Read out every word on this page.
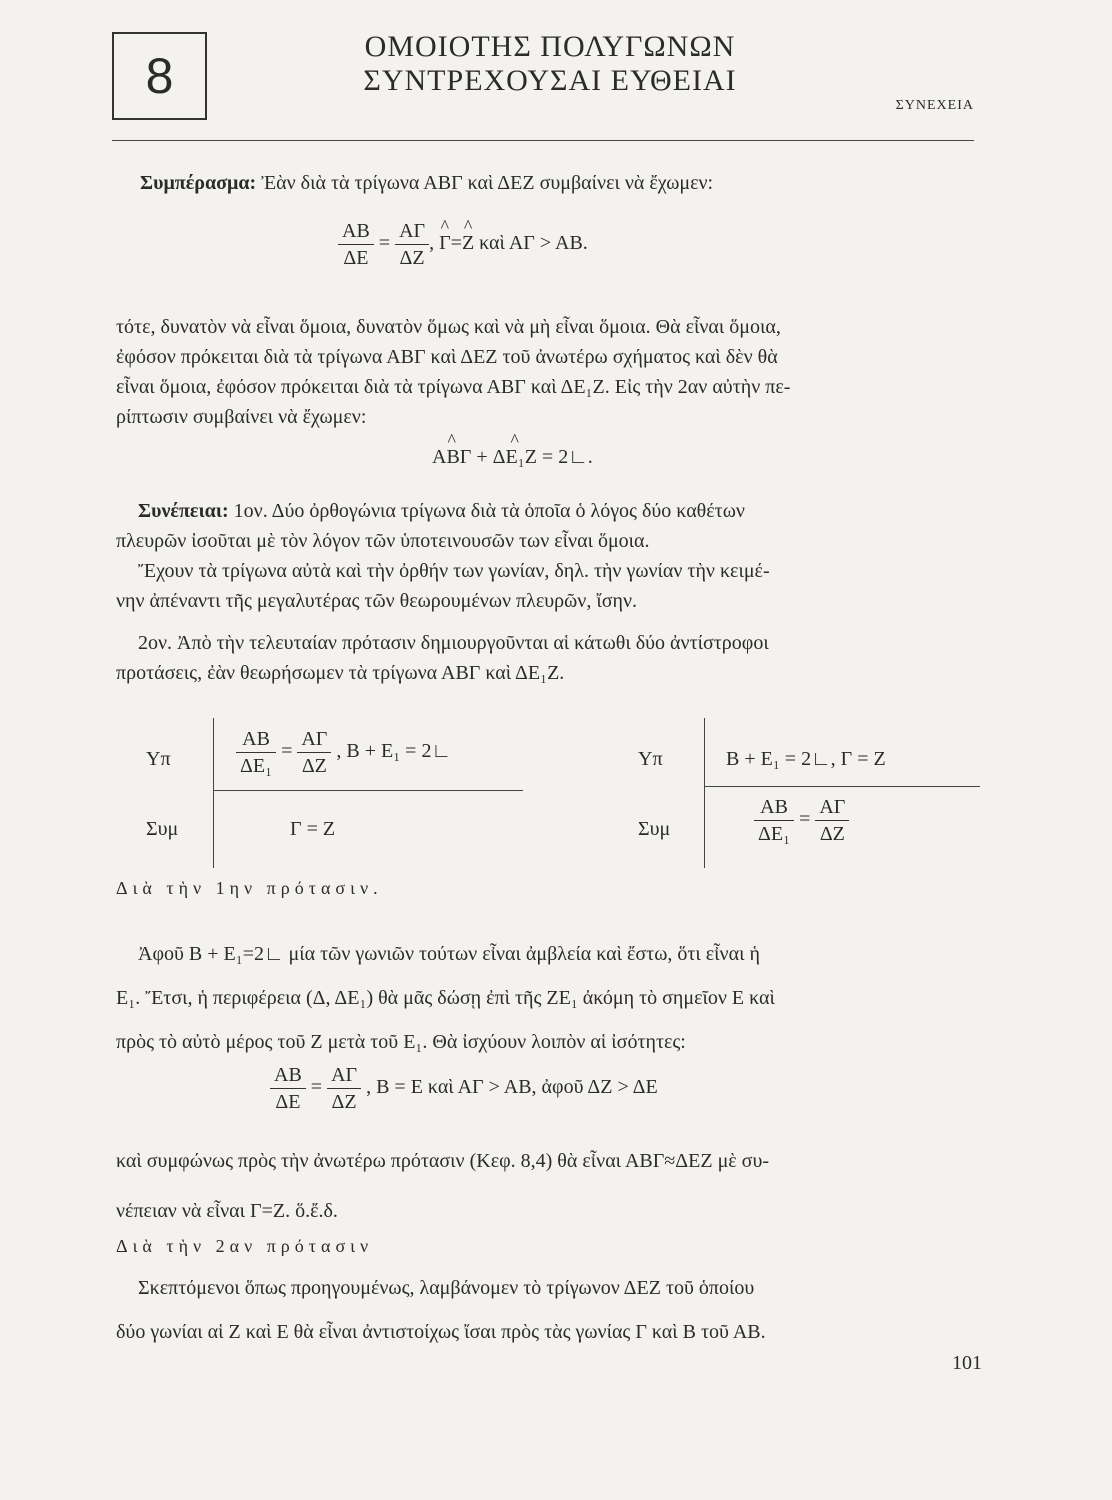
8
ΟΜΟΙΟΤΗΣ ΠΟΛΥΓΩΝΩΝ
ΣΥΝΤΡΕΧΟΥΣΑΙ ΕΥΘΕΙΑΙ
ΣΥΝΕΧΕΙΑ
Συμπέρασμα: Ἐὰν διὰ τὰ τρίγωνα ΑΒΓ καὶ ΔΕΖ συμβαίνει νὰ ἔχωμεν:
$\frac{AB}{\Delta E} = \frac{A\Gamma}{\Delta Z}$ , ^ Γ=^ Ζ καὶ ΑΓ > ΑΒ.
τότε, δυνατὸν νὰ εἶναι ὅμοια, δυνατὸν ὅμως καὶ νὰ μὴ εἶναι ὅμοια. Θὰ εἶναι ὅμοια,
ἐφόσον πρόκειται διὰ τὰ τρίγωνα ΑΒΓ καὶ ΔΕΖ τοῦ ἀνωτέρω σχήματος καὶ δὲν θὰ
εἶναι ὅμοια, ἐφόσον πρόκειται διὰ τὰ τρίγωνα ΑΒΓ καὶ ΔΕ₁Ζ. Εἰς τὴν 2αν αὐτὴν πε-
ρίπτωσιν συμβαίνει νὰ ἔχωμεν:
^ ΑΒΓ + ^ ΔΕ₁Ζ = 2∟.
Συνέπειαι: 1ον. Δύο ὀρθογώνια τρίγωνα διὰ τὰ ὁποῖα ὁ λόγος δύο καθέτων
πλευρῶν ἰσοῦται μὲ τὸν λόγον τῶν ὑποτεινουσῶν των εἶναι ὅμοια.
Ἔχουν τὰ τρίγωνα αὐτὰ καὶ τὴν ὀρθήν των γωνίαν, δηλ. τὴν γωνίαν τὴν κειμέ-
νην ἀπέναντι τῆς μεγαλυτέρας τῶν θεωρουμένων πλευρῶν, ἴσην.
2ον. Ἀπὸ τὴν τελευταίαν πρότασιν δημιουργοῦνται αἱ κάτωθι δύο ἀντίστροφοι
προτάσεις, ἐὰν θεωρήσωμεν τὰ τρίγωνα ΑΒΓ καὶ ΔΕ₁Ζ.
Υπ	$\frac{AB}{\text{ΔΕ₁}} = \frac{A\Gamma}{\Delta Z}$ , Β + Ε₁ = 2∟
Συμ	Γ = Ζ
Υπ	Β + Ε₁ = 2∟, Γ = Ζ
Συμ	$\frac{AB}{\text{ΔΕ₁}} = \frac{A\Gamma}{\Delta Z}$
Διὰ τὴν 1ην πρότασιν.
Ἀφοῦ Β + Ε₁=2∟ μία τῶν γωνιῶν τούτων εἶναι ἀμβλεία καὶ ἔστω, ὅτι εἶναι ἡ
Ε₁. Ἔτσι, ἡ περιφέρεια (Δ, ΔΕ₁) θὰ μᾶς δώσῃ ἐπὶ τῆς ΖΕ₁ ἀκόμη τὸ σημεῖον Ε καὶ
πρὸς τὸ αὐτὸ μέρος τοῦ Ζ μετὰ τοῦ Ε₁. Θὰ ἰσχύουν λοιπὸν αἱ ἰσότητες:
$\frac{AB}{\Delta E} = \frac{A\Gamma}{\Delta Z}$ , Β = Ε καὶ ΑΓ > ΑΒ, ἀφοῦ ΔΖ > ΔΕ
καὶ συμφώνως πρὸς τὴν ἀνωτέρω πρότασιν (Κεφ. 8,4) θὰ εἶναι ΑΒΓ≈ΔΕΖ μὲ συ-
νέπειαν νὰ εἶναι Γ=Ζ. ὅ.ἔ.δ.
Διὰ τὴν 2αν πρότασιν
Σκεπτόμενοι ὅπως προηγουμένως, λαμβάνομεν τὸ τρίγωνον ΔΕΖ τοῦ ὁποίου
δύο γωνίαι αἱ Ζ καὶ Ε θὰ εἶναι ἀντιστοίχως ἴσαι πρὸς τὰς γωνίας Γ καὶ Β τοῦ ΑΒ.
101
